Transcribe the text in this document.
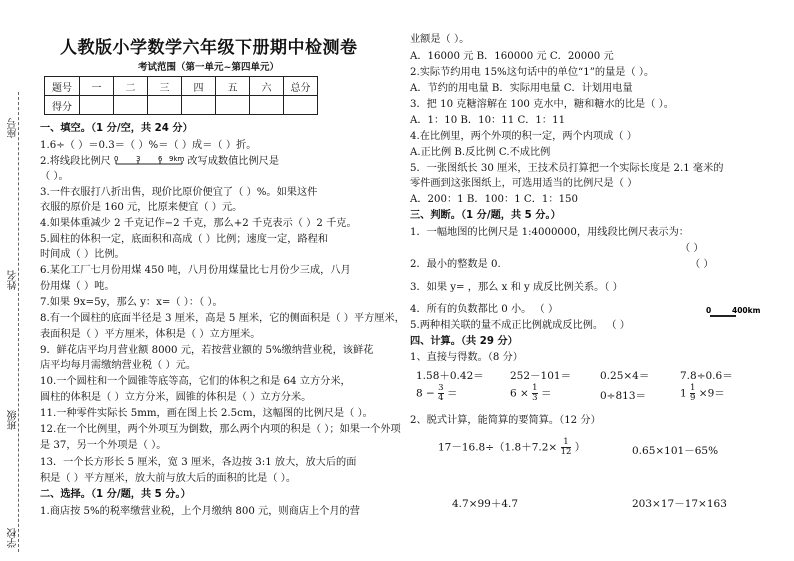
学校
班级
姓名
座号
人教版小学数学六年级下册期中检测卷
考试范围（第一单元~第四单元）
题号	一	二	三	四	五	六	总分
得分							
一、填空。（1 分/空，共 24 分）
1.6÷（ ）＝0.3＝（ ）%＝（ ）成＝（ ）折。
2.将线段比例尺 0	3	6 9km 改写成数值比例尺是
（ ）。
3.一件衣服打八折出售，现价比原价便宜了（ ）%。如果这件
衣服的原价是 160 元，比原来便宜（ ）元。
4.如果体重减少 2 千克记作−2 千克，那么+2 千克表示（ ）2 千克。
5.圆柱的体积一定，底面积和高成（ ）比例；速度一定，路程和
时间成（ ）比例。
6.某化工厂七月份用煤 450 吨，八月份用煤量比七月份少三成，八月
份用煤（ ）吨。
7.如果 9x=5y，那么 y：x=（ ）：（ ）。
8.有一个圆柱的底面半径是 3 厘米，高是 5 厘米，它的侧面积是（ ）平方厘米，
表面积是（ ）平方厘米，体积是（ ）立方厘米。
9．鲜花店平均月营业额 8000 元，若按营业额的 5%缴纳营业税，该鲜花
店平均每月需缴纳营业税（ ）元。
10.一个圆柱和一个圆锥等底等高，它们的体积之和是 64 立方分米，
圆柱的体积是（ ）立方分米，圆锥的体积是（ ）立方分米。
11.一种零件实际长 5mm，画在图上长 2.5cm，这幅图的比例尺是（ ）。
12.在一个比例里，两个外项互为倒数，那么两个内项的积是（ ）；如果一个外项
是 37，另一个外项是（ ）。
13．一个长方形长 5 厘米，宽 3 厘米，各边按 3:1 放大，放大后的面
积是（ ）平方厘米，放大前与放大后的面积的比是（ ）。
二、选择。（1 分/题，共 5 分。）
1.商店按 5%的税率缴营业税，上个月缴纳 800 元，则商店上个月的营
业额是（ ）。
A．16000 元 B．160000 元 C．20000 元
2.实际节约用电 15%这句话中的单位“1”的量是（ ）。
A．节约的用电量 B．实际用电量 C．计划用电量
3．把 10 克糖溶解在 100 克水中，糖和糖水的比是（ ）。
A．1：10 B．10：11 C．1：11
4.在比例里，两个外项的积一定，两个内项成（ ）
A.正比例 B.反比例 C.不成比例
5．一张图纸长 30 厘米，王技术员打算把一个实际长度是 2.1 毫米的
零件画到这张图纸上，可选用适当的比例尺是（ ）
A．200：1 B．100：1 C．1：150
三、判断。（1 分/题，共 5 分。）
1．一幅地图的比例尺是 1:4000000，用线段比例尺表示为：
（ ）
2．最小的整数是 0.	（ ）
3．如果 y= ，那么 x 和 y 成反比例关系。（ ）
4．所有的负数都比 0 小。 （ ）	0	400km
5.两种相关联的量不成正比例就成反比例。 （ ）
四、计算。（共 29 分）
1、直接与得数。（8 分）
1.58＋0.42＝ 252－101＝	0.25×4＝	7.8÷0.6＝
$8 - \frac{3}{4}$ ＝	$6 \times \frac{1}{3}$ ＝	0÷813＝	$1 \frac{1}{9} \times 9=$
2、脱式计算，能简算的要简算。（12 分）
$17-16.8\div(1.8+7.2\times \frac{1}{12}$ ）	0.65×101－65%
4.7×99＋4.7	203×17－17×163
